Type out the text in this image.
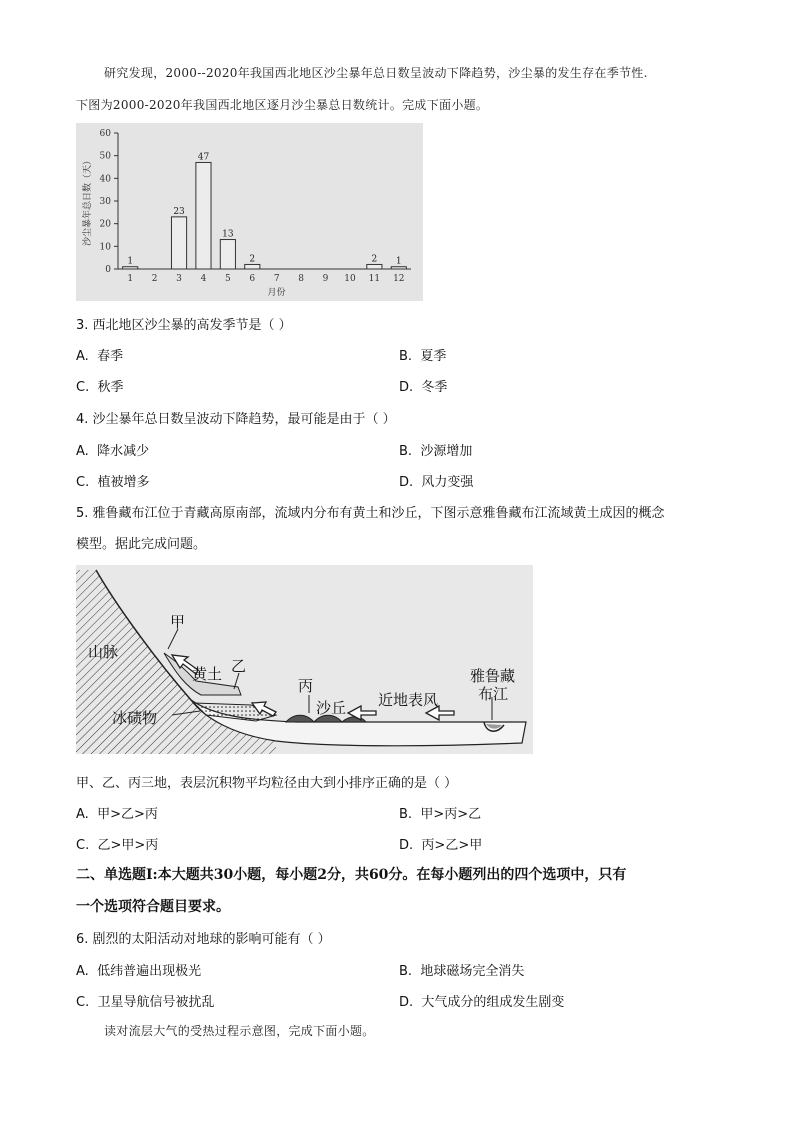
研究发现，2000--2020年我国西北地区沙尘暴年总日数呈波动下降趋势，沙尘暴的发生存在季节性.
下图为2000-2020年我国西北地区逐月沙尘暴总日数统计。完成下面小题。
0
10
20
30
40
50
60
沙尘暴年总日数（天）
1
1 2
23
3
47
4
13
5
2
6 7 8 9 10
2
11
1
12
月份
3. 西北地区沙尘暴的高发季节是（ ）
A. 春季	B. 夏季
C. 秋季	D. 冬季
4. 沙尘暴年总日数呈波动下降趋势，最可能是由于（ ）
A. 降水减少	B. 沙源增加
C. 植被增多	D. 风力变强
5. 雅鲁藏布江位于青藏高原南部，流域内分布有黄土和沙丘，下图示意雅鲁藏布江流域黄土成因的概念
模型。据此完成问题。
山脉
甲
乙
黄土
丙
沙丘 近地表风
冰碛物
雅鲁藏
布江
甲、乙、丙三地，表层沉积物平均粒径由大到小排序正确的是（ ）
A. 甲>乙>丙	B. 甲>丙>乙
C. 乙>甲>丙	D. 丙>乙>甲
二、单选题I:本大题共30小题，每小题2分，共60分。在每小题列出的四个选项中，只有
一个选项符合题目要求。
6. 剧烈的太阳活动对地球的影响可能有（ ）
A. 低纬普遍出现极光	B. 地球磁场完全消失
C. 卫星导航信号被扰乱	D. 大气成分的组成发生剧变
读对流层大气的受热过程示意图，完成下面小题。
